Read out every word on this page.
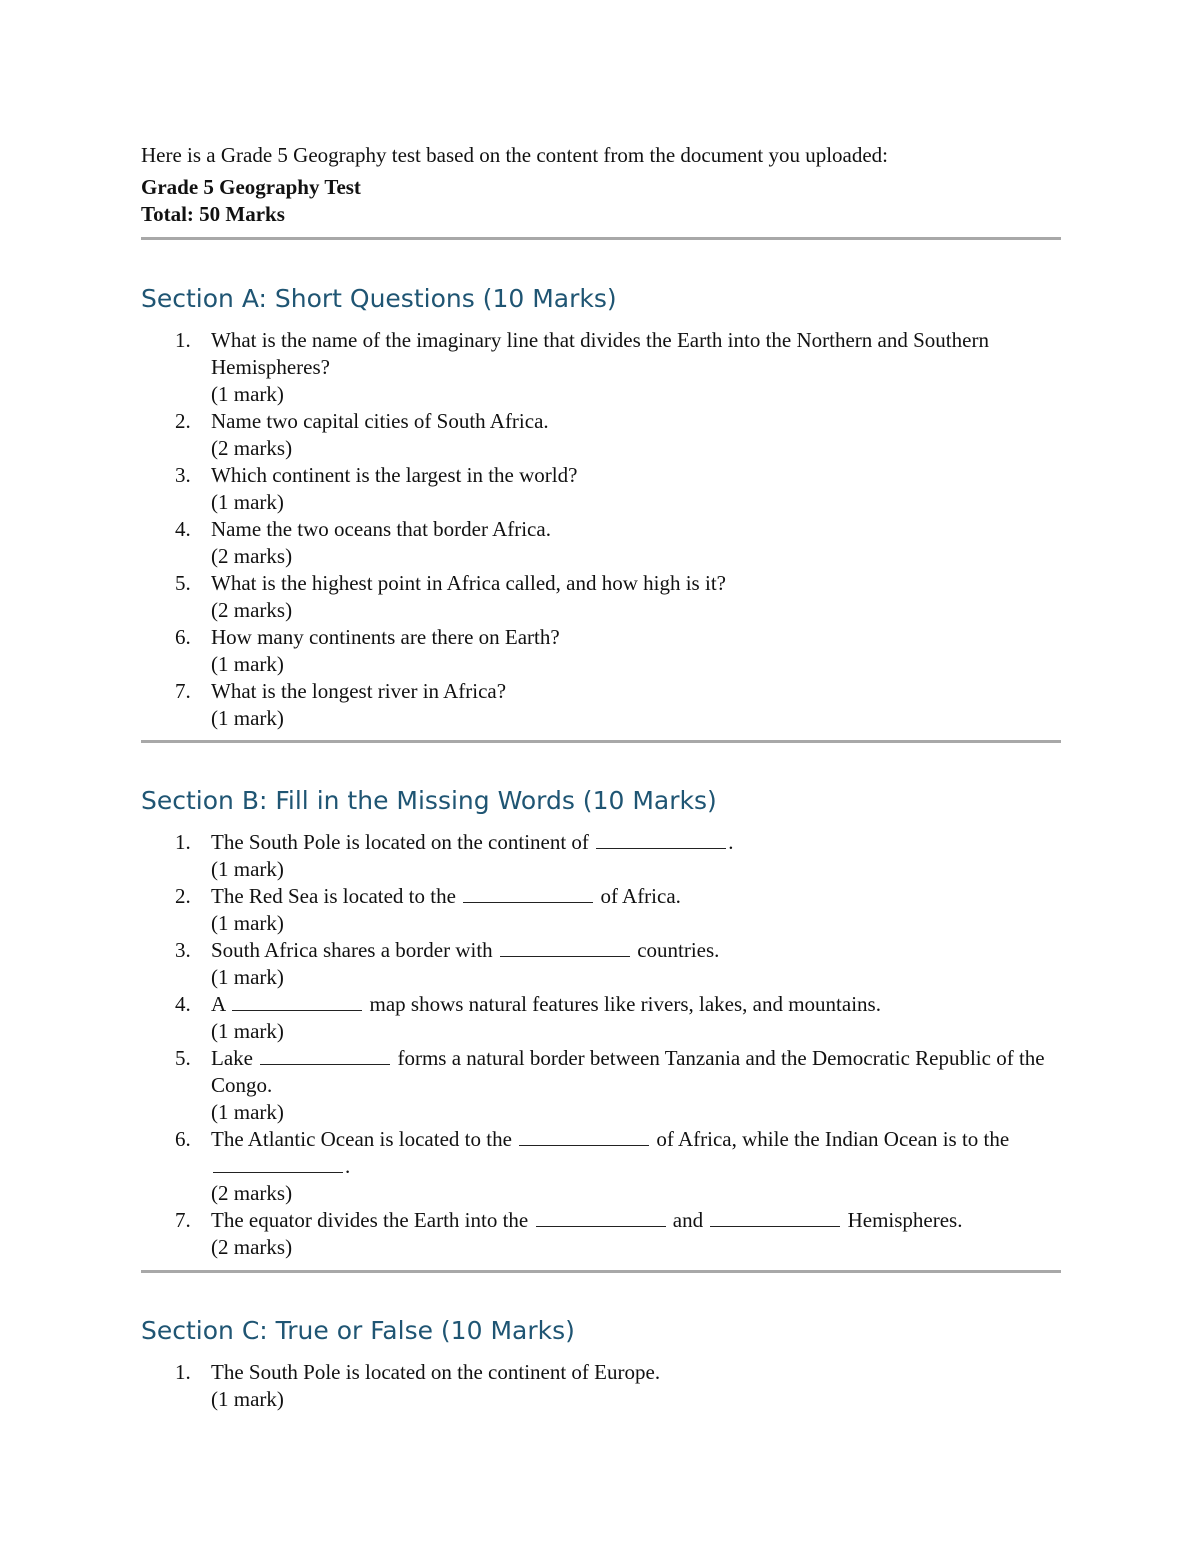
Here is a Grade 5 Geography test based on the content from the document you uploaded:

Grade 5 Geography Test
Total: 50 Marks
Section A: Short Questions (10 Marks)
1. What is the name of the imaginary line that divides the Earth into the Northern and Southern Hemispheres?
(1 mark)
2. Name two capital cities of South Africa.
(2 marks)
3. Which continent is the largest in the world?
(1 mark)
4. Name the two oceans that border Africa.
(2 marks)
5. What is the highest point in Africa called, and how high is it?
(2 marks)
6. How many continents are there on Earth?
(1 mark)
7. What is the longest river in Africa?
(1 mark)
Section B: Fill in the Missing Words (10 Marks)
1. The South Pole is located on the continent of	.
(1 mark)
2. The Red Sea is located to the	of Africa.
(1 mark)
3. South Africa shares a border with	countries.
(1 mark)
4. A	map shows natural features like rivers, lakes, and mountains.
(1 mark)
5. Lake	forms a natural border between Tanzania and the Democratic Republic of the Congo.
(1 mark)
6. The Atlantic Ocean is located to the	of Africa, while the Indian Ocean is to the .
(2 marks)
7. The equator divides the Earth into the	and	Hemispheres.
(2 marks)
Section C: True or False (10 Marks)
1. The South Pole is located on the continent of Europe.
(1 mark)
